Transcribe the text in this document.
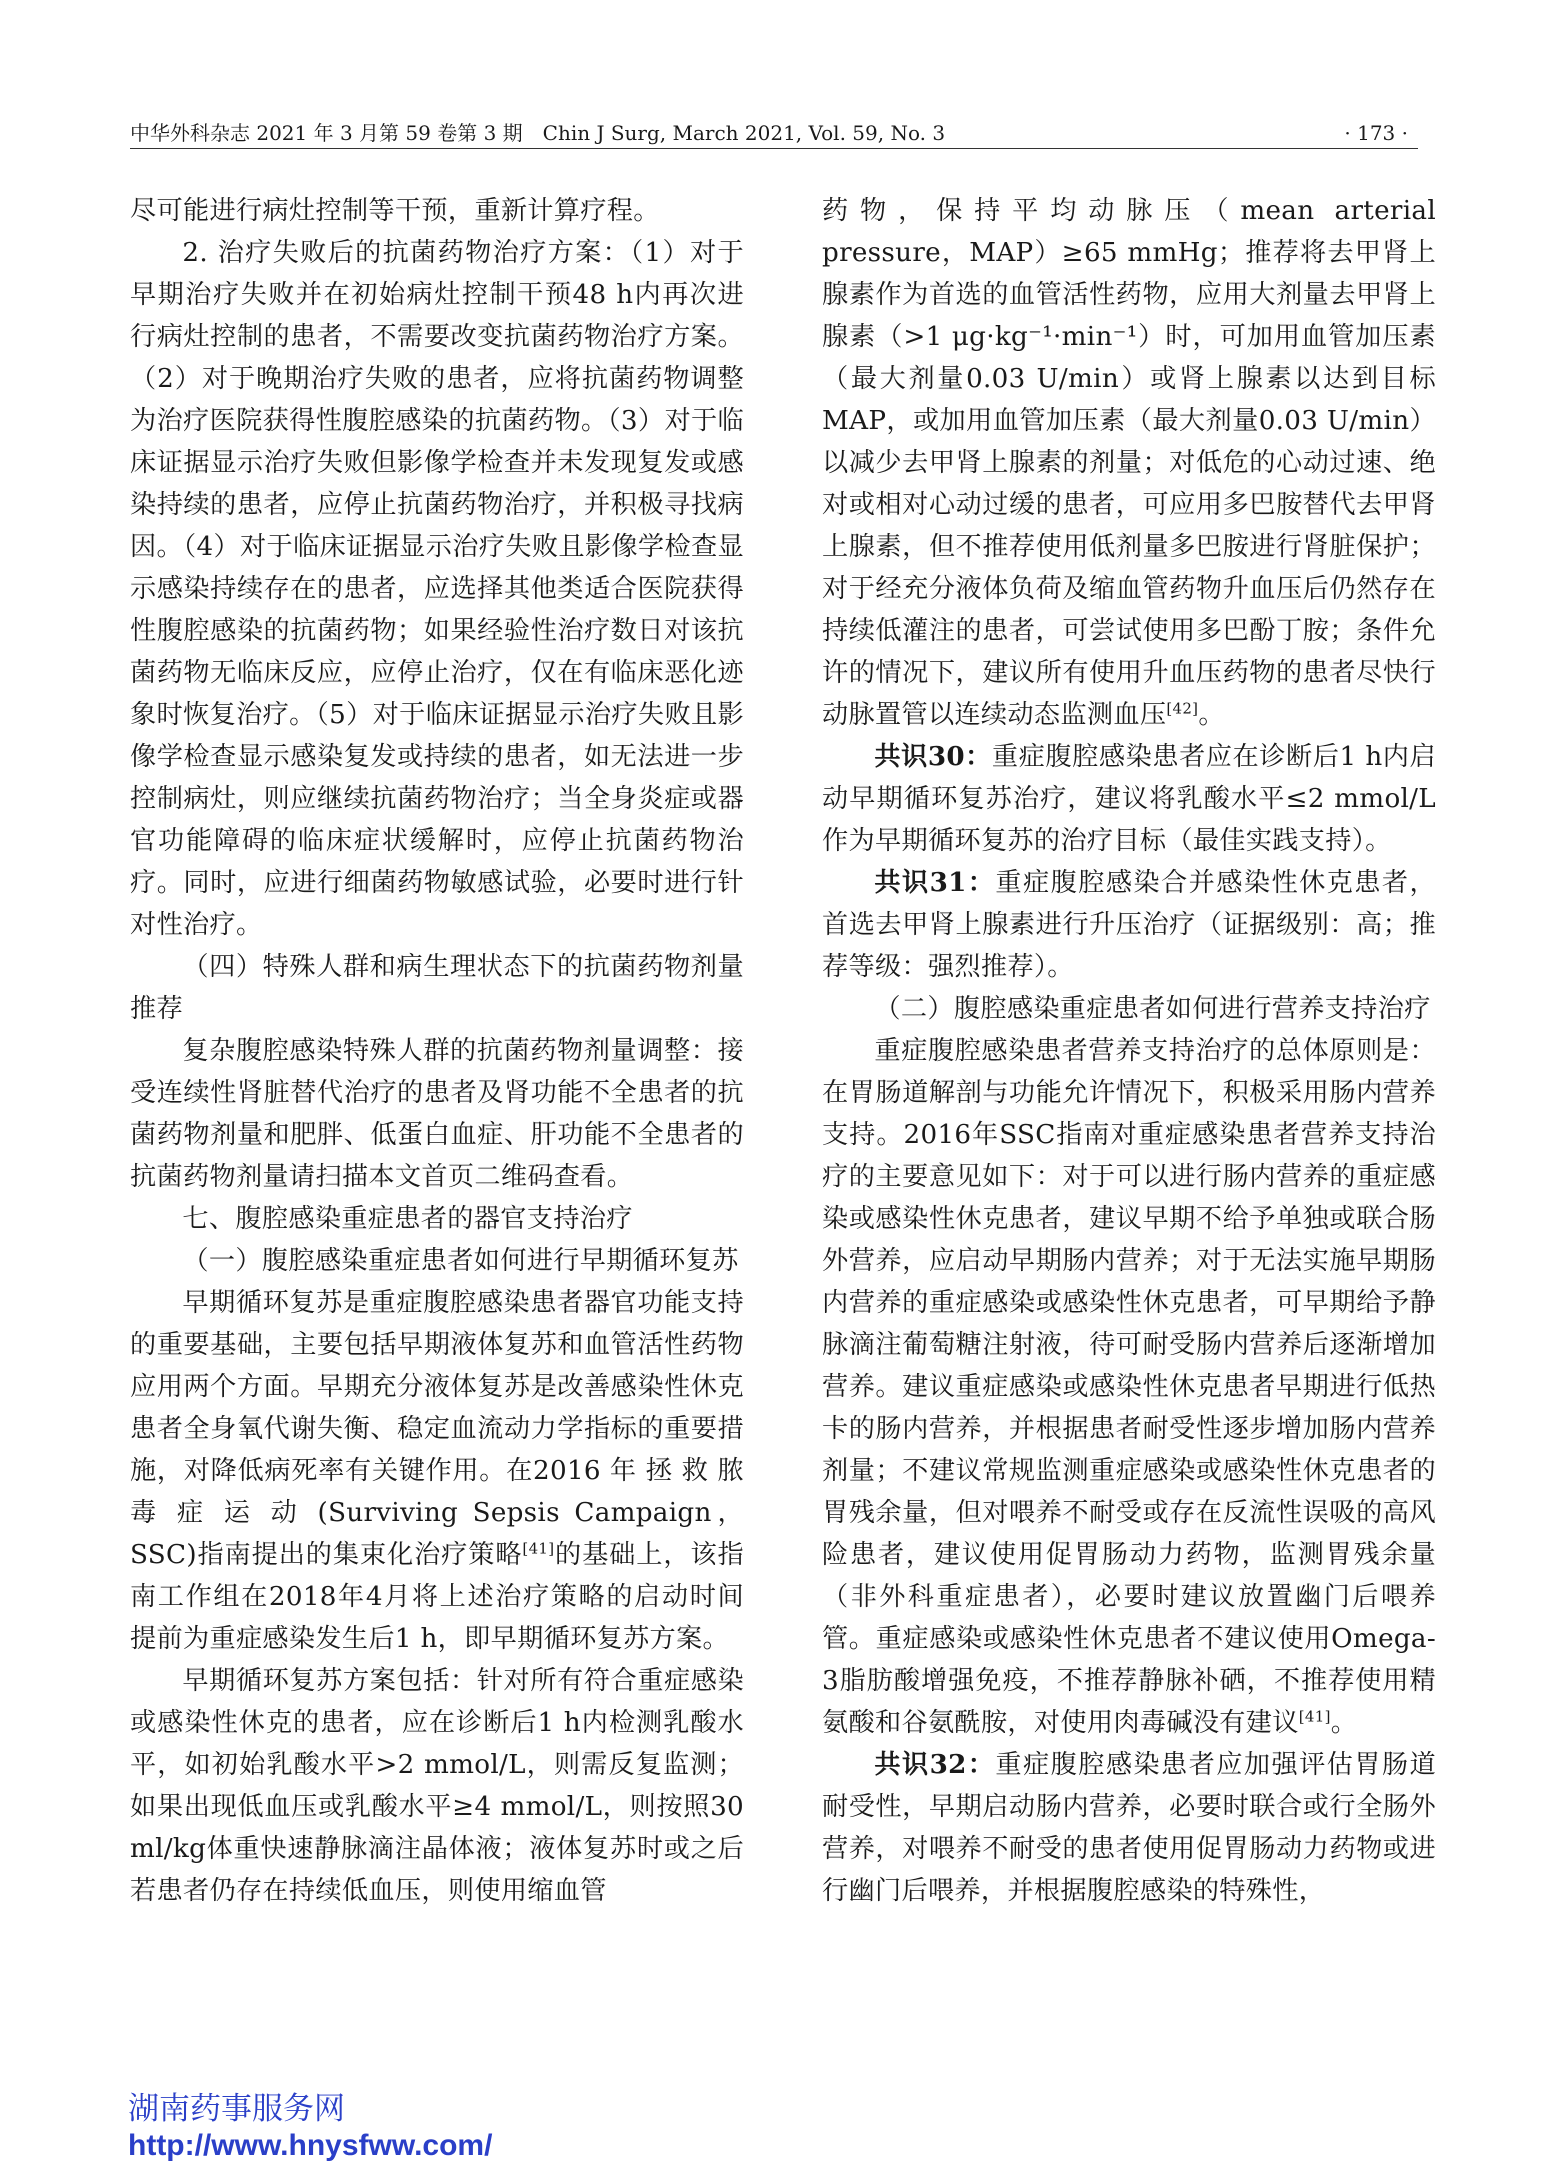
中华外科杂志 2021 年 3 月第 59 卷第 3 期　Chin J Surg, March 2021, Vol. 59, No. 3	· 173 ·

尽可能进行病灶控制等干预，重新计算疗程。

2. 治疗失败后的抗菌药物治疗方案：（1）对于早期治疗失败并在初始病灶控制干预48 h内再次进行病灶控制的患者，不需要改变抗菌药物治疗方案。（2）对于晚期治疗失败的患者，应将抗菌药物调整为治疗医院获得性腹腔感染的抗菌药物。（3）对于临床证据显示治疗失败但影像学检查并未发现复发或感染持续的患者，应停止抗菌药物治疗，并积极寻找病因。（4）对于临床证据显示治疗失败且影像学检查显示感染持续存在的患者，应选择其他类适合医院获得性腹腔感染的抗菌药物；如果经验性治疗数日对该抗菌药物无临床反应，应停止治疗，仅在有临床恶化迹象时恢复治疗。（5）对于临床证据显示治疗失败且影像学检查显示感染复发或持续的患者，如无法进一步控制病灶，则应继续抗菌药物治疗；当全身炎症或器官功能障碍的临床症状缓解时，应停止抗菌药物治疗。同时，应进行细菌药物敏感试验，必要时进行针对性治疗。

（四）特殊人群和病生理状态下的抗菌药物剂量推荐

复杂腹腔感染特殊人群的抗菌药物剂量调整：接受连续性肾脏替代治疗的患者及肾功能不全患者的抗菌药物剂量和肥胖、低蛋白血症、肝功能不全患者的抗菌药物剂量请扫描本文首页二维码查看。

七、腹腔感染重症患者的器官支持治疗

（一）腹腔感染重症患者如何进行早期循环复苏

早期循环复苏是重症腹腔感染患者器官功能支持的重要基础，主要包括早期液体复苏和血管活性药物应用两个方面。早期充分液体复苏是改善感染性休克患者全身氧代谢失衡、稳定血流动力学指标的重要措施，对降低病死率有关键作用。在2016 年 拯 救 脓 毒 症 运 动 (Surviving Sepsis Campaign，SSC)指南提出的集束化治疗策略[41]的基础上，该指南工作组在2018年4月将上述治疗策略的启动时间提前为重症感染发生后1 h，即早期循环复苏方案。

早期循环复苏方案包括：针对所有符合重症感染或感染性休克的患者，应在诊断后1 h内检测乳酸水平，如初始乳酸水平>2 mmol/L，则需反复监测；如果出现低血压或乳酸水平≥4 mmol/L，则按照30 ml/kg体重快速静脉滴注晶体液；液体复苏时或之后若患者仍存在持续低血压，则使用缩血管

药物，保持平均动脉压（mean arterial pressure，MAP）≥65 mmHg；推荐将去甲肾上腺素作为首选的血管活性药物，应用大剂量去甲肾上腺素（>1 μg·kg⁻¹·min⁻¹）时，可加用血管加压素（最大剂量0.03 U/min）或肾上腺素以达到目标MAP，或加用血管加压素（最大剂量0.03 U/min）以减少去甲肾上腺素的剂量；对低危的心动过速、绝对或相对心动过缓的患者，可应用多巴胺替代去甲肾上腺素，但不推荐使用低剂量多巴胺进行肾脏保护；对于经充分液体负荷及缩血管药物升血压后仍然存在持续低灌注的患者，可尝试使用多巴酚丁胺；条件允许的情况下，建议所有使用升血压药物的患者尽快行动脉置管以连续动态监测血压[42]。

共识30：重症腹腔感染患者应在诊断后1 h内启动早期循环复苏治疗，建议将乳酸水平≤2 mmol/L作为早期循环复苏的治疗目标（最佳实践支持）。

共识31：重症腹腔感染合并感染性休克患者，首选去甲肾上腺素进行升压治疗（证据级别：高；推荐等级：强烈推荐）。

（二）腹腔感染重症患者如何进行营养支持治疗

重症腹腔感染患者营养支持治疗的总体原则是：在胃肠道解剖与功能允许情况下，积极采用肠内营养支持。2016年SSC指南对重症感染患者营养支持治疗的主要意见如下：对于可以进行肠内营养的重症感染或感染性休克患者，建议早期不给予单独或联合肠外营养，应启动早期肠内营养；对于无法实施早期肠内营养的重症感染或感染性休克患者，可早期给予静脉滴注葡萄糖注射液，待可耐受肠内营养后逐渐增加营养。建议重症感染或感染性休克患者早期进行低热卡的肠内营养，并根据患者耐受性逐步增加肠内营养剂量；不建议常规监测重症感染或感染性休克患者的胃残余量，但对喂养不耐受或存在反流性误吸的高风险患者，建议使用促胃肠动力药物，监测胃残余量（非外科重症患者），必要时建议放置幽门后喂养管。重症感染或感染性休克患者不建议使用Omega-3脂肪酸增强免疫，不推荐静脉补硒，不推荐使用精氨酸和谷氨酰胺，对使用肉毒碱没有建议[41]。

共识32：重症腹腔感染患者应加强评估胃肠道耐受性，早期启动肠内营养，必要时联合或行全肠外营养，对喂养不耐受的患者使用促胃肠动力药物或进行幽门后喂养，并根据腹腔感染的特殊性，

湖南药事服务网
http://www.hnysfww.com/
